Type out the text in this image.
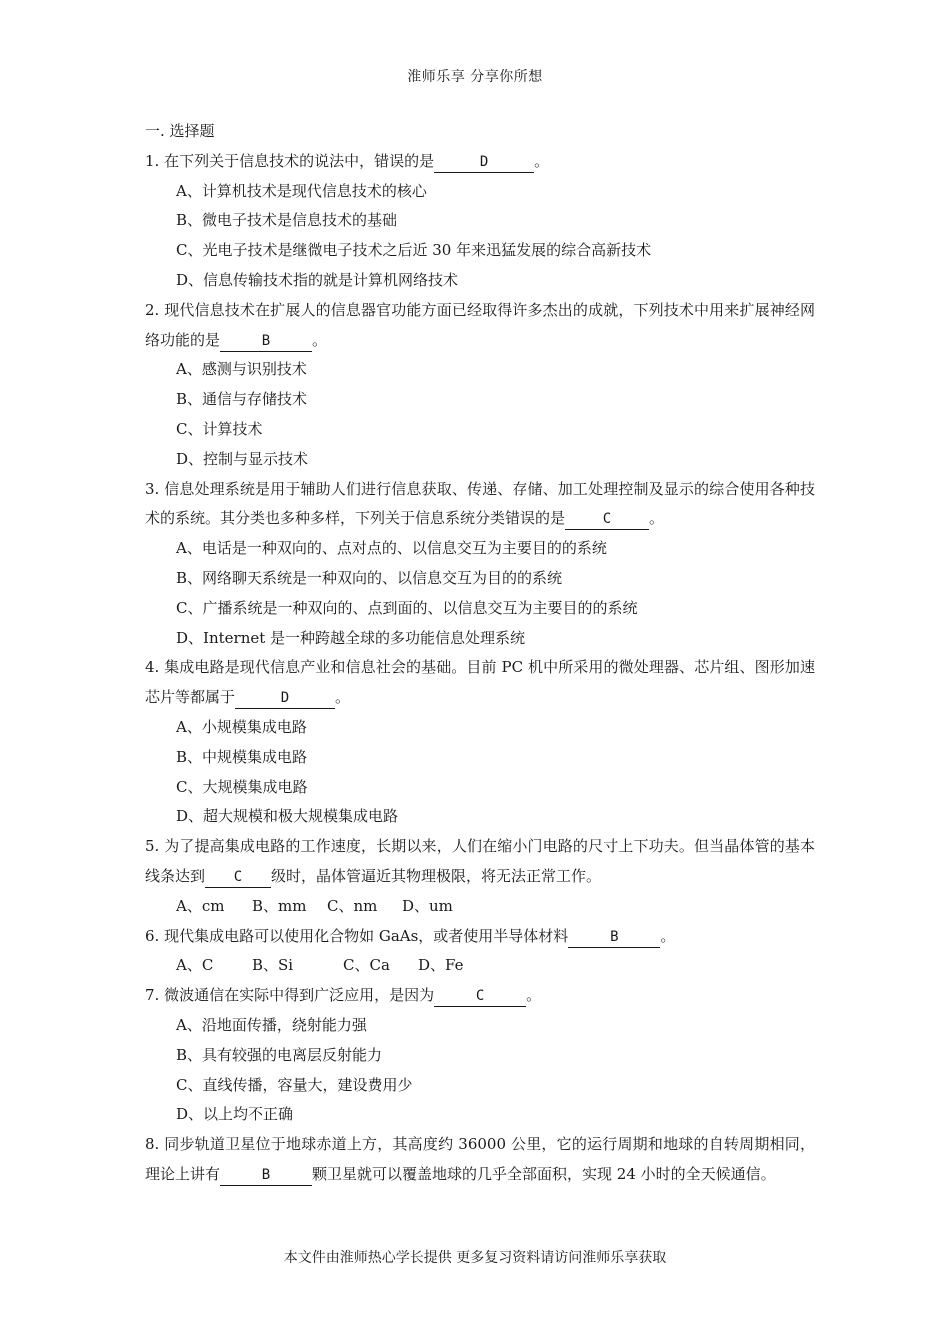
淮师乐享 分享你所想

一. 选择题

1. 在下列关于信息技术的说法中，错误的是	D	。

A、计算机技术是现代信息技术的核心

B、微电子技术是信息技术的基础

C、光电子技术是继微电子技术之后近 30 年来迅猛发展的综合高新技术

D、信息传输技术指的就是计算机网络技术

2. 现代信息技术在扩展人的信息器官功能方面已经取得许多杰出的成就，下列技术中用来扩展神经网络功能的是	B	。

A、感测与识别技术

B、通信与存储技术

C、计算技术

D、控制与显示技术

3. 信息处理系统是用于辅助人们进行信息获取、传递、存储、加工处理控制及显示的综合使用各种技术的系统。其分类也多种多样，下列关于信息系统分类错误的是	C	。

A、电话是一种双向的、点对点的、以信息交互为主要目的的系统

B、网络聊天系统是一种双向的、以信息交互为目的的系统

C、广播系统是一种双向的、点到面的、以信息交互为主要目的的系统

D、Internet 是一种跨越全球的多功能信息处理系统

4. 集成电路是现代信息产业和信息社会的基础。目前 PC 机中所采用的微处理器、芯片组、图形加速芯片等都属于	D	。

A、小规模集成电路

B、中规模集成电路

C、大规模集成电路

D、超大规模和极大规模集成电路

5. 为了提高集成电路的工作速度，长期以来，人们在缩小门电路的尺寸上下功夫。但当晶体管的基本线条达到 C 级时，晶体管逼近其物理极限，将无法正常工作。

A、cm B、mm C、nm D、um

6. 现代集成电路可以使用化合物如 GaAs，或者使用半导体材料	B	。

A、C	B、Si	C、Ca D、Fe

7. 微波通信在实际中得到广泛应用，是因为	C	。

A、沿地面传播，绕射能力强

B、具有较强的电离层反射能力

C、直线传播，容量大，建设费用少

D、以上均不正确

8. 同步轨道卫星位于地球赤道上方，其高度约 36000 公里，它的运行周期和地球的自转周期相同，理论上讲有	B	颗卫星就可以覆盖地球的几乎全部面积，实现 24 小时的全天候通信。

本文件由淮师热心学长提供 更多复习资料请访问淮师乐享获取
